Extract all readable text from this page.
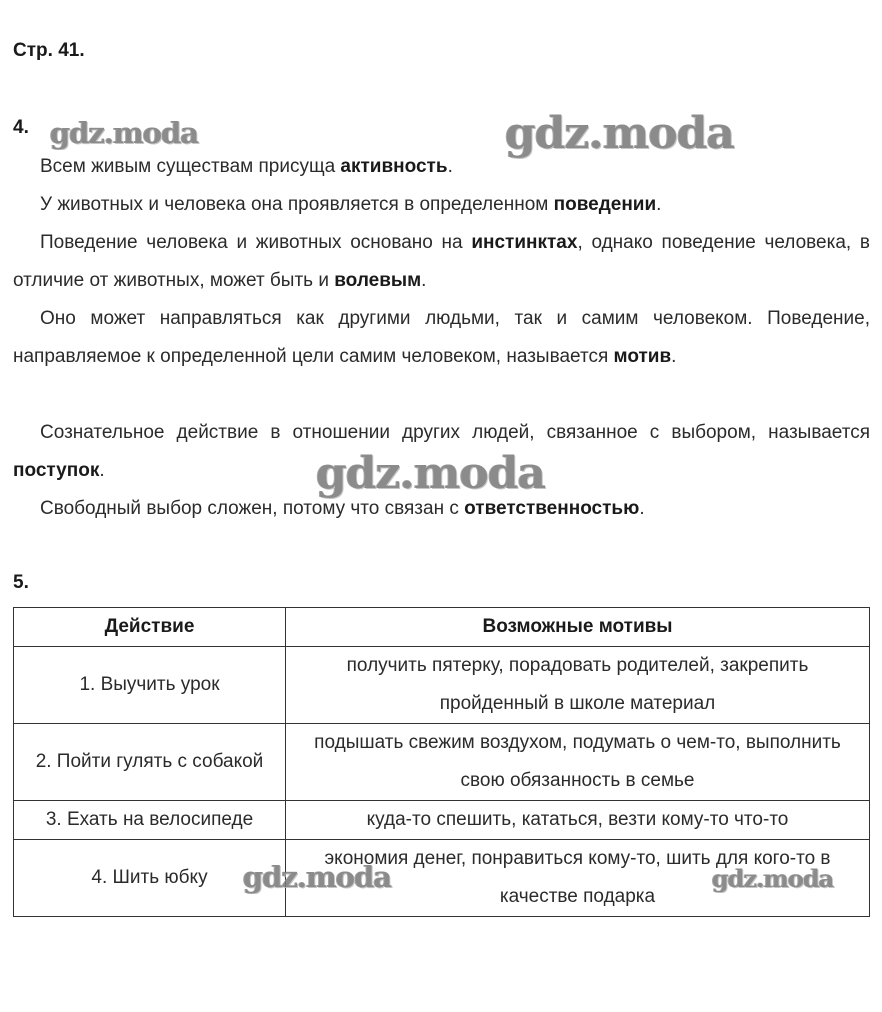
Стр. 41.
4.

Всем живым существам присуща активность.

У животных и человека она проявляется в определенном поведении.

Поведение человека и животных основано на инстинктах, однако поведение человека, в отличие от животных, может быть и волевым.

Оно может направляться как другими людьми, так и самим человеком. Поведение, направляемое к определенной цели самим человеком, называется мотив.

Сознательное действие в отношении других людей, связанное с выбором, называется поступок.

Свободный выбор сложен, потому что связан с ответственностью.

5.
Действие	Возможные мотивы
1. Выучить урок	получить пятерку, порадовать родителей, закрепить пройденный в школе материал
2. Пойти гулять с собакой	подышать свежим воздухом, подумать о чем-то, выполнить свою обязанность в семье
3. Ехать на велосипеде	куда-то спешить, кататься, везти кому-то что-то
4. Шить юбку	экономия денег, понравиться кому-то, шить для кого-то в качестве подарка
gdz.moda	gdz.moda
gdz.moda
gdz.moda	gdz.moda
